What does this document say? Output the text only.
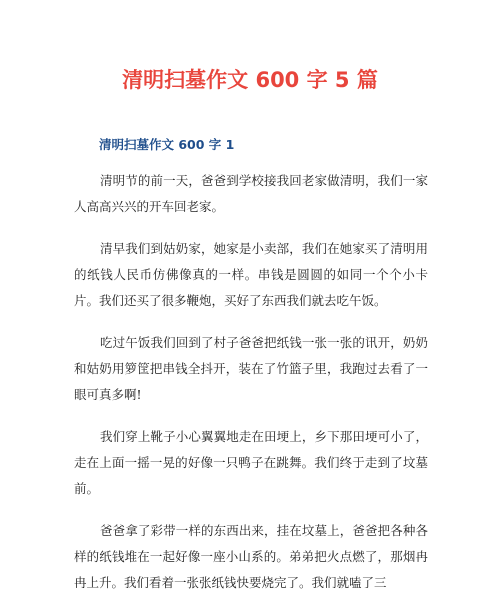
清明扫墓作文 600 字 5 篇
清明扫墓作文 600 字 1

清明节的前一天，爸爸到学校接我回老家做清明，我们一家人高高兴兴的开车回老家。

清早我们到姑奶家，她家是小卖部，我们在她家买了清明用的纸钱人民币仿佛像真的一样。串钱是圆圆的如同一个个小卡片。我们还买了很多鞭炮，买好了东西我们就去吃午饭。

吃过午饭我们回到了村子爸爸把纸钱一张一张的讯开，奶奶和姑奶用箩筐把串钱全抖开，装在了竹篮子里，我跑过去看了一眼可真多啊!

我们穿上靴子小心翼翼地走在田埂上，乡下那田埂可小了，走在上面一摇一晃的好像一只鸭子在跳舞。我们终于走到了坟墓前。

爸爸拿了彩带一样的东西出来，挂在坟墓上，爸爸把各种各样的纸钱堆在一起好像一座小山系的。弟弟把火点燃了，那烟冉冉上升。我们看着一张张纸钱快要烧完了。我们就嗑了三
